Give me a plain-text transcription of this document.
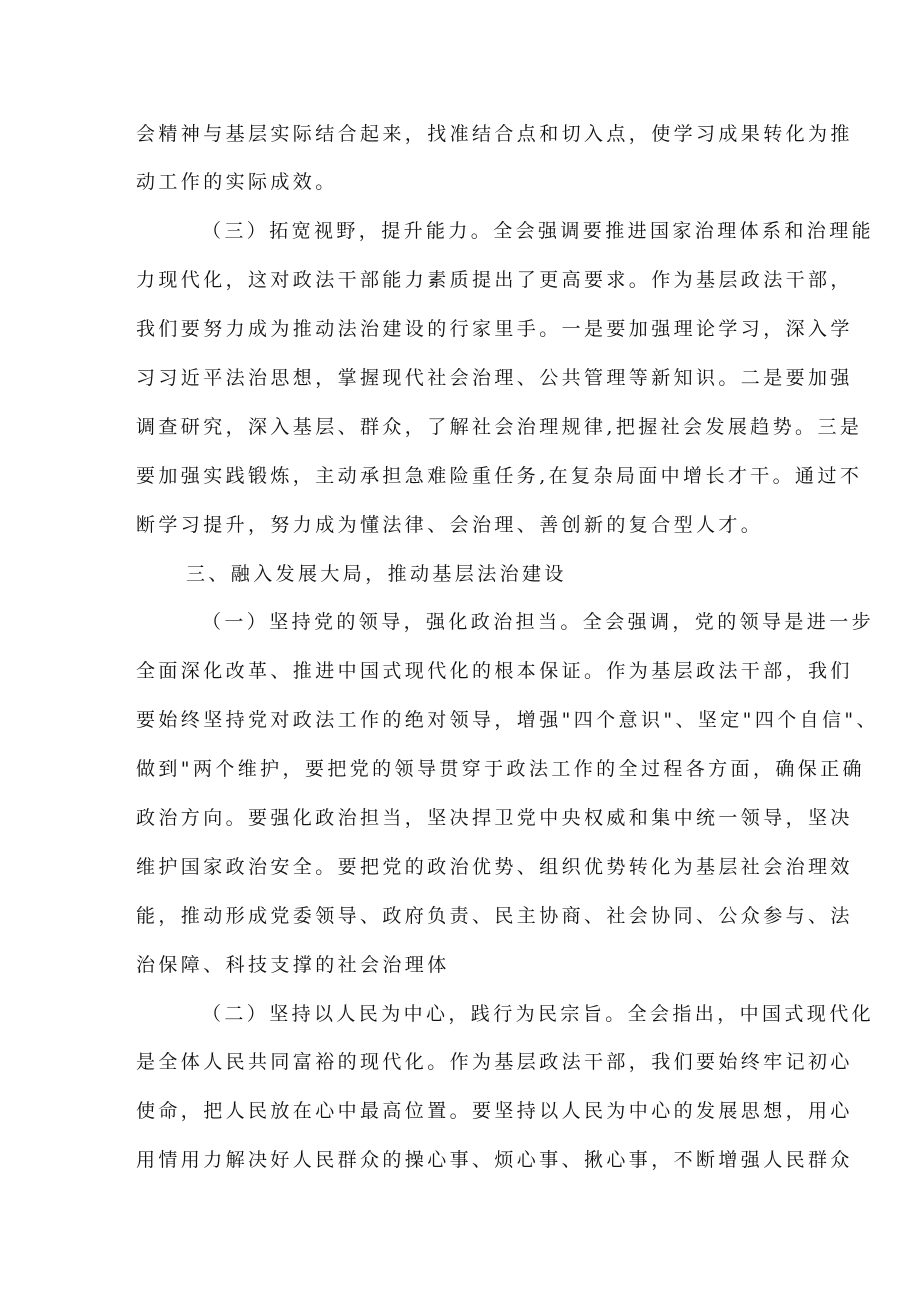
会精神与基层实际结合起来，找准结合点和切入点，使学习成果转化为推
动工作的实际成效。
（三）拓宽视野，提升能力。全会强调要推进国家治理体系和治理能
力现代化，这对政法干部能力素质提出了更高要求。作为基层政法干部，
我们要努力成为推动法治建设的行家里手。一是要加强理论学习，深入学
习习近平法治思想，掌握现代社会治理、公共管理等新知识。二是要加强
调查研究，深入基层、群众，了解社会治理规律,把握社会发展趋势。三是
要加强实践锻炼，主动承担急难险重任务,在复杂局面中增长才干。通过不
断学习提升，努力成为懂法律、会治理、善创新的复合型人才。
三、融入发展大局，推动基层法治建设
（一）坚持党的领导，强化政治担当。全会强调，党的领导是进一步
全面深化改革、推进中国式现代化的根本保证。作为基层政法干部，我们
要始终坚持党对政法工作的绝对领导，增强"四个意识"、坚定"四个自信"、
做到"两个维护，要把党的领导贯穿于政法工作的全过程各方面，确保正确
政治方向。要强化政治担当，坚决捍卫党中央权威和集中统一领导，坚决
维护国家政治安全。要把党的政治优势、组织优势转化为基层社会治理效
能，推动形成党委领导、政府负责、民主协商、社会协同、公众参与、法
治保障、科技支撑的社会治理体
（二）坚持以人民为中心，践行为民宗旨。全会指出，中国式现代化
是全体人民共同富裕的现代化。作为基层政法干部，我们要始终牢记初心
使命，把人民放在心中最高位置。要坚持以人民为中心的发展思想，用心
用情用力解决好人民群众的操心事、烦心事、揪心事，不断增强人民群众
